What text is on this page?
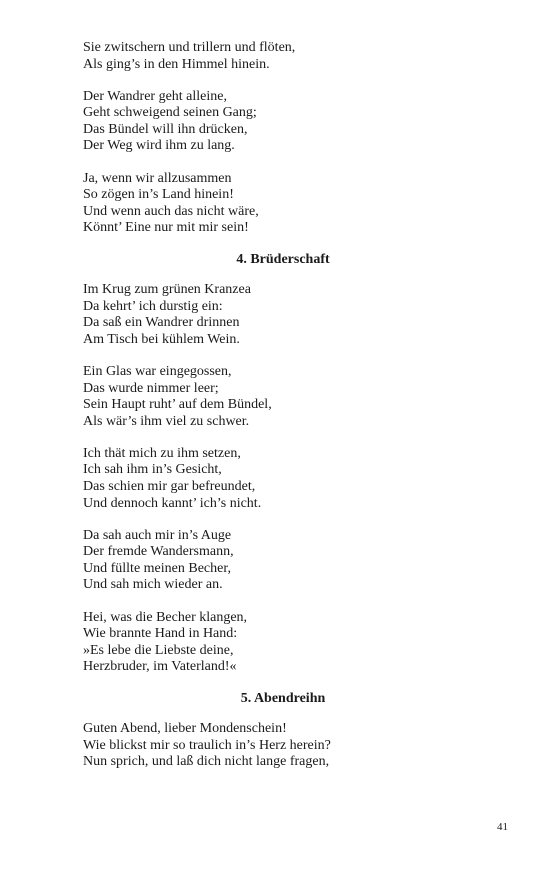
Sie zwitschern und trillern und flöten,
Als ging’s in den Himmel hinein.
Der Wandrer geht alleine,
Geht schweigend seinen Gang;
Das Bündel will ihn drücken,
Der Weg wird ihm zu lang.
Ja, wenn wir allzusammen
So zögen in’s Land hinein!
Und wenn auch das nicht wäre,
Könnt’ Eine nur mit mir sein!
4. Brüderschaft
Im Krug zum grünen Kranzea
Da kehrt’ ich durstig ein:
Da saß ein Wandrer drinnen
Am Tisch bei kühlem Wein.
Ein Glas war eingegossen,
Das wurde nimmer leer;
Sein Haupt ruht’ auf dem Bündel,
Als wär’s ihm viel zu schwer.
Ich thät mich zu ihm setzen,
Ich sah ihm in’s Gesicht,
Das schien mir gar befreundet,
Und dennoch kannt’ ich’s nicht.
Da sah auch mir in’s Auge
Der fremde Wandersmann,
Und füllte meinen Becher,
Und sah mich wieder an.
Hei, was die Becher klangen,
Wie brannte Hand in Hand:
»Es lebe die Liebste deine,
Herzbruder, im Vaterland!«
5. Abendreihn
Guten Abend, lieber Mondenschein!
Wie blickst mir so traulich in’s Herz herein?
Nun sprich, und laß dich nicht lange fragen,
41
